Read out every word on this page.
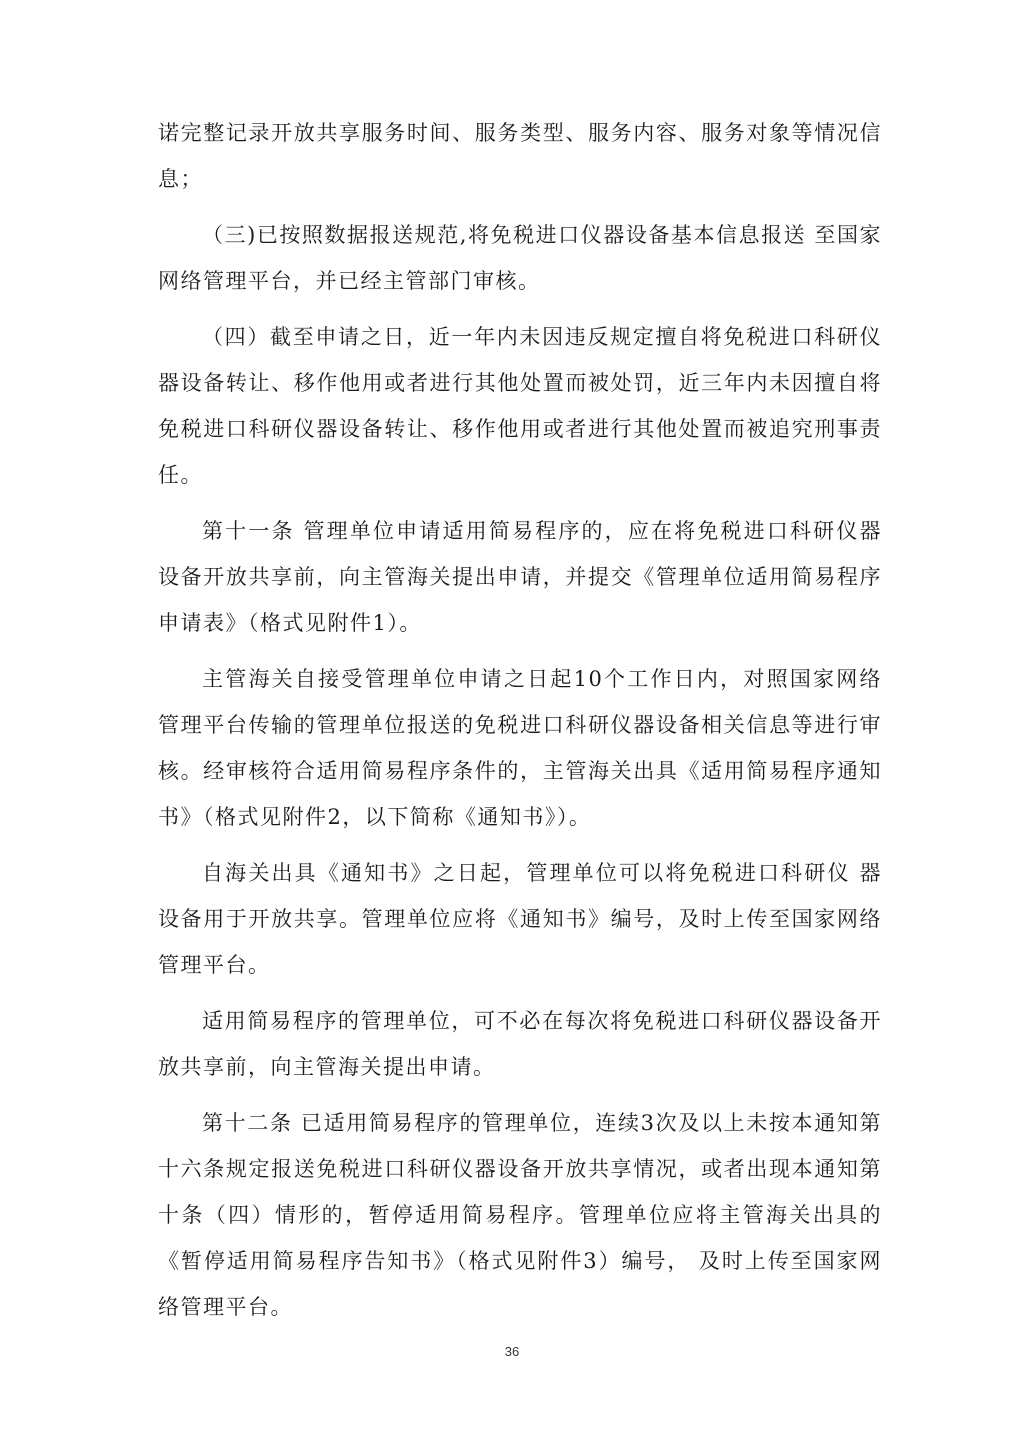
诺完整记录开放共享服务时间、服务类型、服务内容、服务对象等情况信息；

（三)已按照数据报送规范,将免税进口仪器设备基本信息报送 至国家网络管理平台，并已经主管部门审核。

（四）截至申请之日，近一年内未因违反规定擅自将免税进口科研仪器设备转让、移作他用或者进行其他处置而被处罚，近三年内未因擅自将免税进口科研仪器设备转让、移作他用或者进行其他处置而被追究刑事责任。

第十一条 管理单位申请适用简易程序的，应在将免税进口科研仪器设备开放共享前，向主管海关提出申请，并提交《管理单位适用简易程序申请表》（格式见附件1）。

主管海关自接受管理单位申请之日起10个工作日内，对照国家网络管理平台传输的管理单位报送的免税进口科研仪器设备相关信息等进行审核。经审核符合适用简易程序条件的，主管海关出具《适用简易程序通知书》（格式见附件2，以下简称《通知书》）。

自海关出具《通知书》之日起，管理单位可以将免税进口科研仪 器设备用于开放共享。管理单位应将《通知书》编号，及时上传至国家网络管理平台。

适用简易程序的管理单位，可不必在每次将免税进口科研仪器设备开放共享前，向主管海关提出申请。

第十二条 已适用简易程序的管理单位，连续3次及以上未按本通知第十六条规定报送免税进口科研仪器设备开放共享情况，或者出现本通知第十条（四）情形的，暂停适用简易程序。管理单位应将主管海关出具的《暂停适用简易程序告知书》（格式见附件3）编号， 及时上传至国家网络管理平台。

36
